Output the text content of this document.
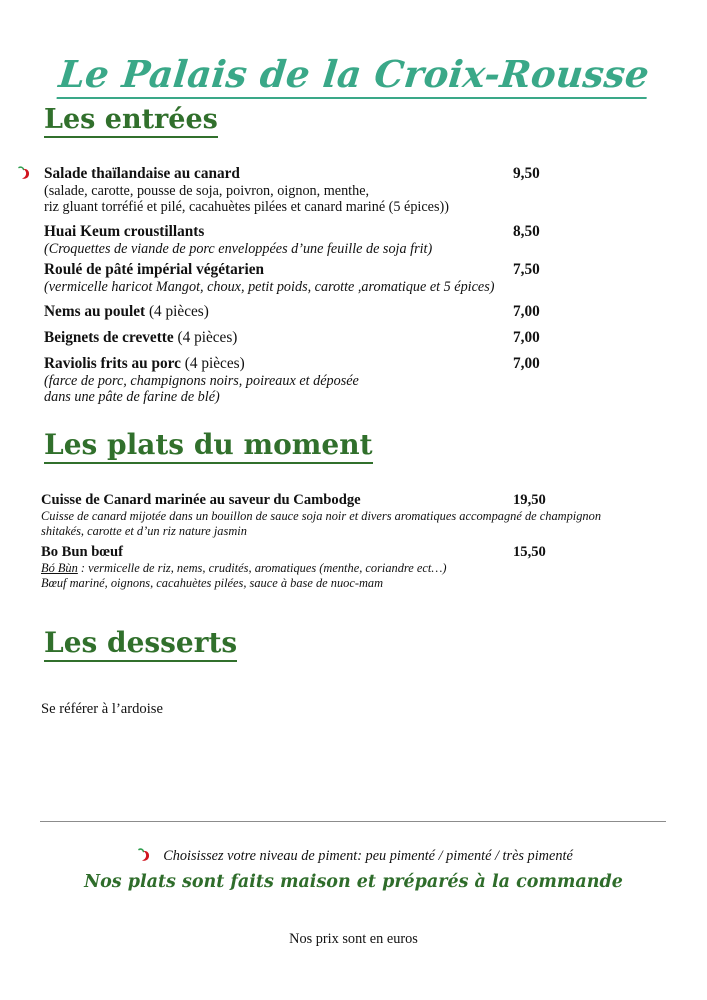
Le Palais de la Croix-Rousse
Les entrées
Salade thaïlandaise au canard	9,50
(salade, carotte, pousse de soja, poivron, oignon, menthe,
riz gluant torréfié et pilé, cacahuètes pilées et canard mariné (5 épices))
Huai Keum croustillants	8,50
(Croquettes de viande de porc enveloppées d’une feuille de soja frit)
Roulé de pâté impérial végétarien	7,50
(vermicelle haricot Mangot, choux, petit poids, carotte ,aromatique et 5 épices)
Nems au poulet (4 pièces)	7,00
Beignets de crevette (4 pièces)	7,00
Raviolis frits au porc (4 pièces)	7,00
(farce de porc, champignons noirs, poireaux et déposée
dans une pâte de farine de blé)
Les plats du moment
Cuisse de Canard marinée au saveur du Cambodge	19,50
Cuisse de canard mijotée dans un bouillon de sauce soja noir et divers aromatiques accompagné de champignon
shitakés, carotte et d’un riz nature jasmin
Bo Bun bœuf	15,50
Bó Bùn : vermicelle de riz, nems, crudités, aromatiques (menthe, coriandre ect…)
Bœuf mariné, oignons, cacahuètes pilées, sauce à base de nuoc-mam
Les desserts
Se référer à l’ardoise
Choisissez votre niveau de piment: peu pimenté / pimenté / très pimenté
Nos plats sont faits maison et préparés à la commande
Nos prix sont en euros
